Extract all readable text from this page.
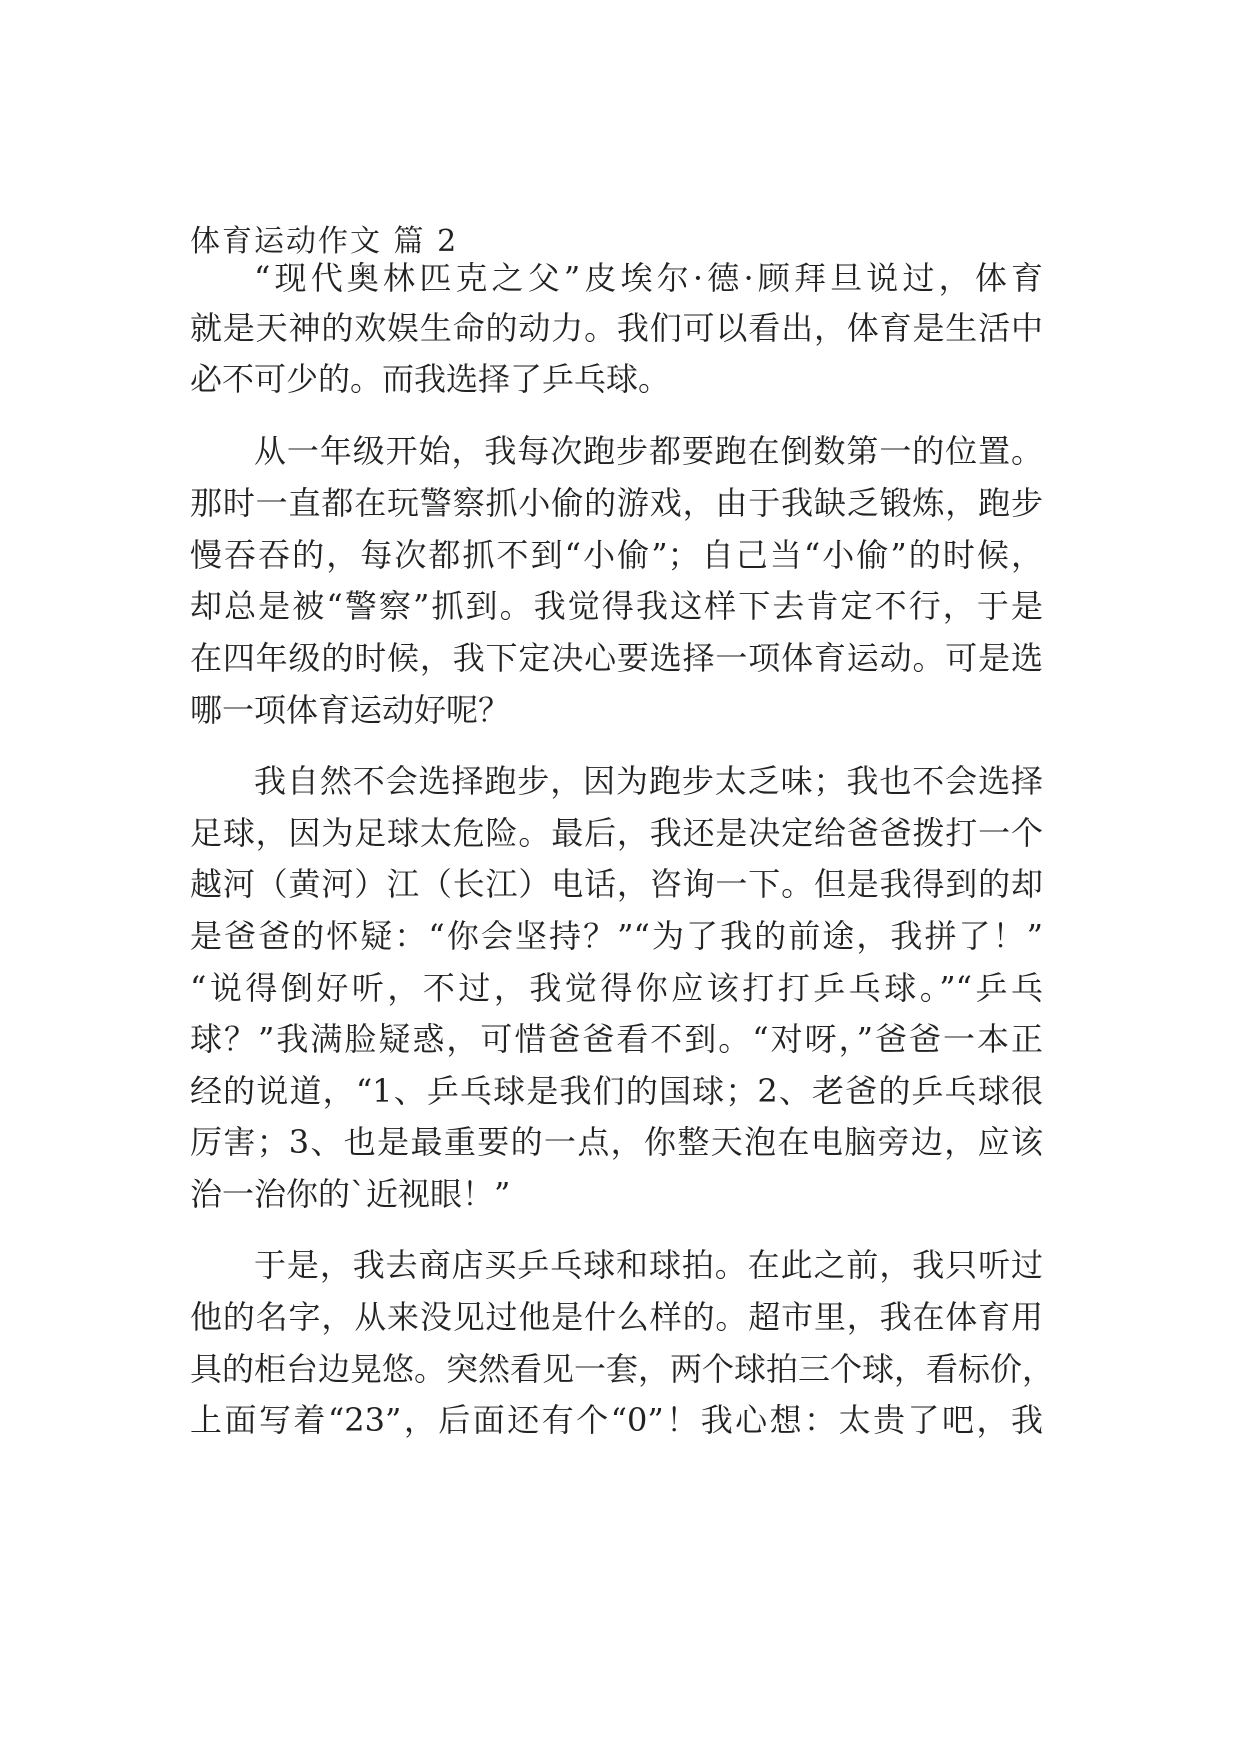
体育运动作文 篇 2
“现代奥林匹克之父”皮埃尔·德·顾拜旦说过，体育
就是天神的欢娱生命的动力。我们可以看出，体育是生活中
必不可少的。而我选择了乒乓球。
从一年级开始，我每次跑步都要跑在倒数第一的位置。
那时一直都在玩警察抓小偷的游戏，由于我缺乏锻炼，跑步
慢吞吞的，每次都抓不到“小偷”；自己当“小偷”的时候，
却总是被“警察”抓到。我觉得我这样下去肯定不行，于是
在四年级的时候，我下定决心要选择一项体育运动。可是选
哪一项体育运动好呢？
我自然不会选择跑步，因为跑步太乏味；我也不会选择
足球，因为足球太危险。最后，我还是决定给爸爸拨打一个
越河（黄河）江（长江）电话，咨询一下。但是我得到的却
是爸爸的怀疑：“你会坚持？”“为了我的前途，我拼了！”
“说得倒好听，不过，我觉得你应该打打乒乓球。”“乒乓
球？”我满脸疑惑，可惜爸爸看不到。“对呀，”爸爸一本正
经的说道，“1、乒乓球是我们的国球；2、老爸的乒乓球很
厉害；3、也是最重要的一点，你整天泡在电脑旁边，应该
治一治你的`近视眼！”
于是，我去商店买乒乓球和球拍。在此之前，我只听过
他的名字，从来没见过他是什么样的。超市里，我在体育用
具的柜台边晃悠。突然看见一套，两个球拍三个球，看标价，
上面写着“23”，后面还有个“0”！我心想：太贵了吧，我
